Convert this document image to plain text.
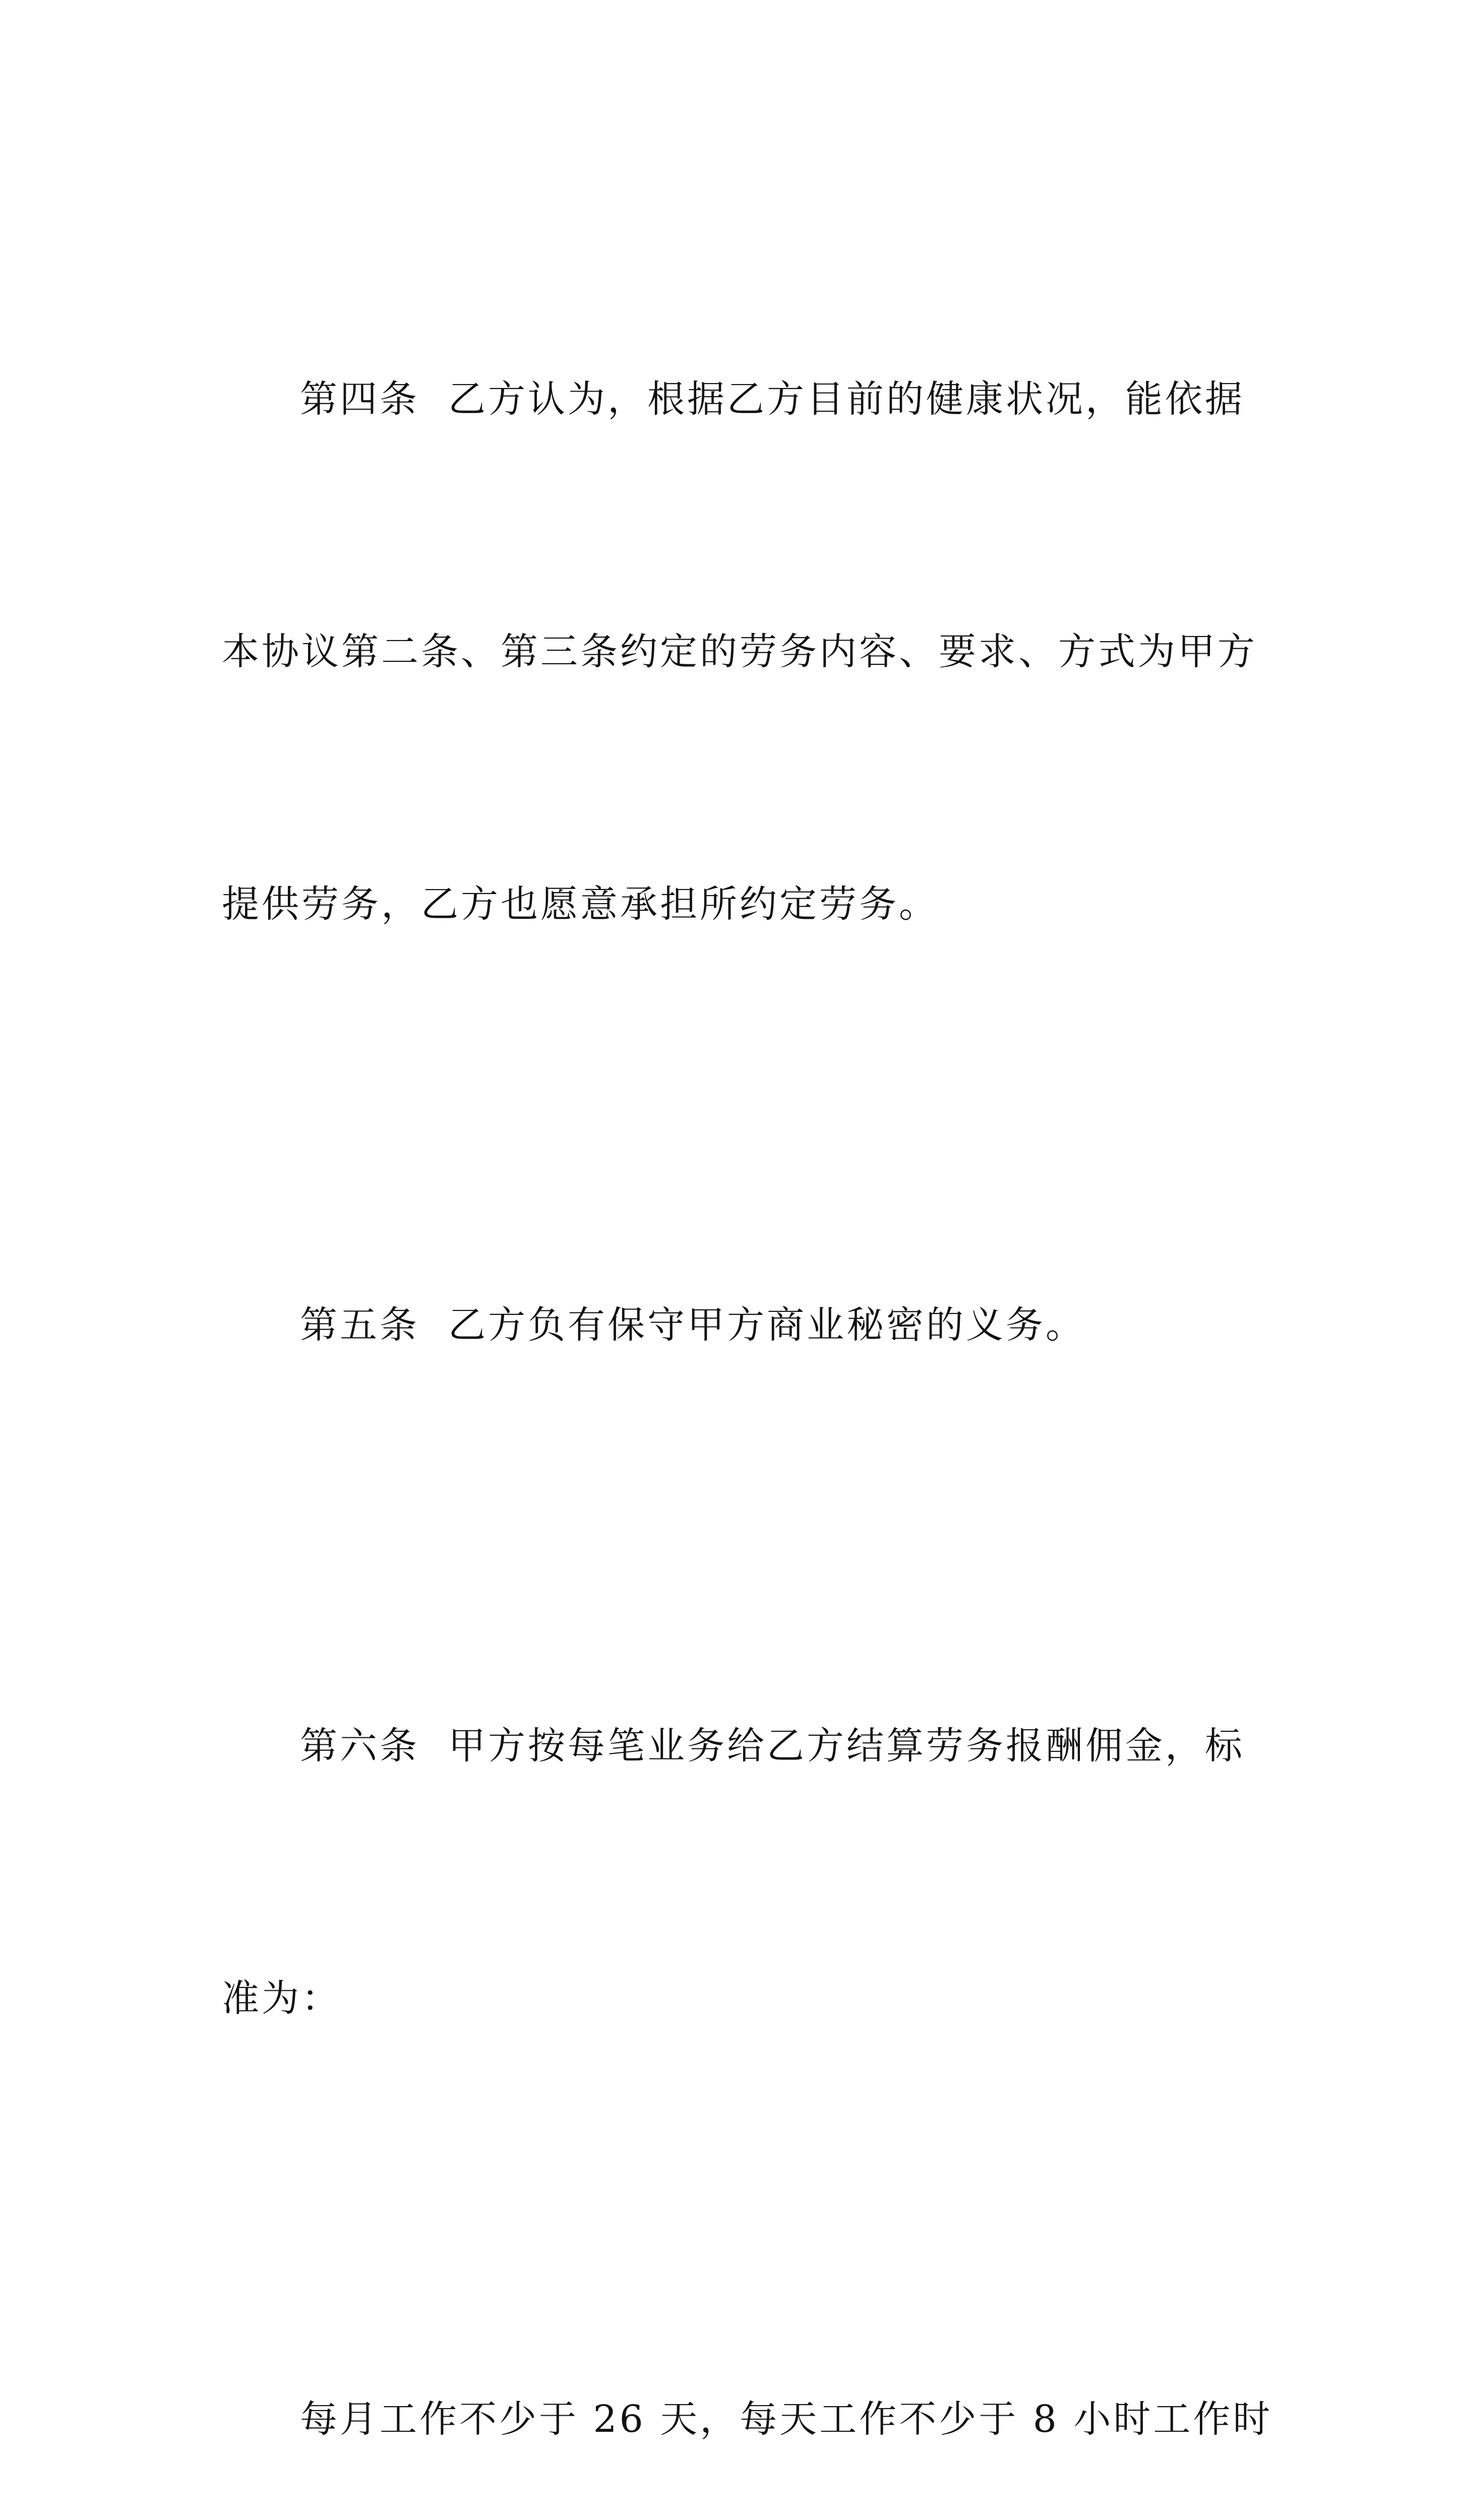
第四条  乙方认为，根据乙方目前的健康状况，能依据

本协议第二条、第三条约定的劳务内容、要求、方式为甲方

提供劳务，乙方也愿意承担所约定劳务。

第五条  乙方负有保守甲方商业秘密的义务。

第六条  甲方按每笔业务给乙方结算劳务报酬佣金，标

准为：

每月工作不少于 26 天，每天工作不少于 8 小时工作时
